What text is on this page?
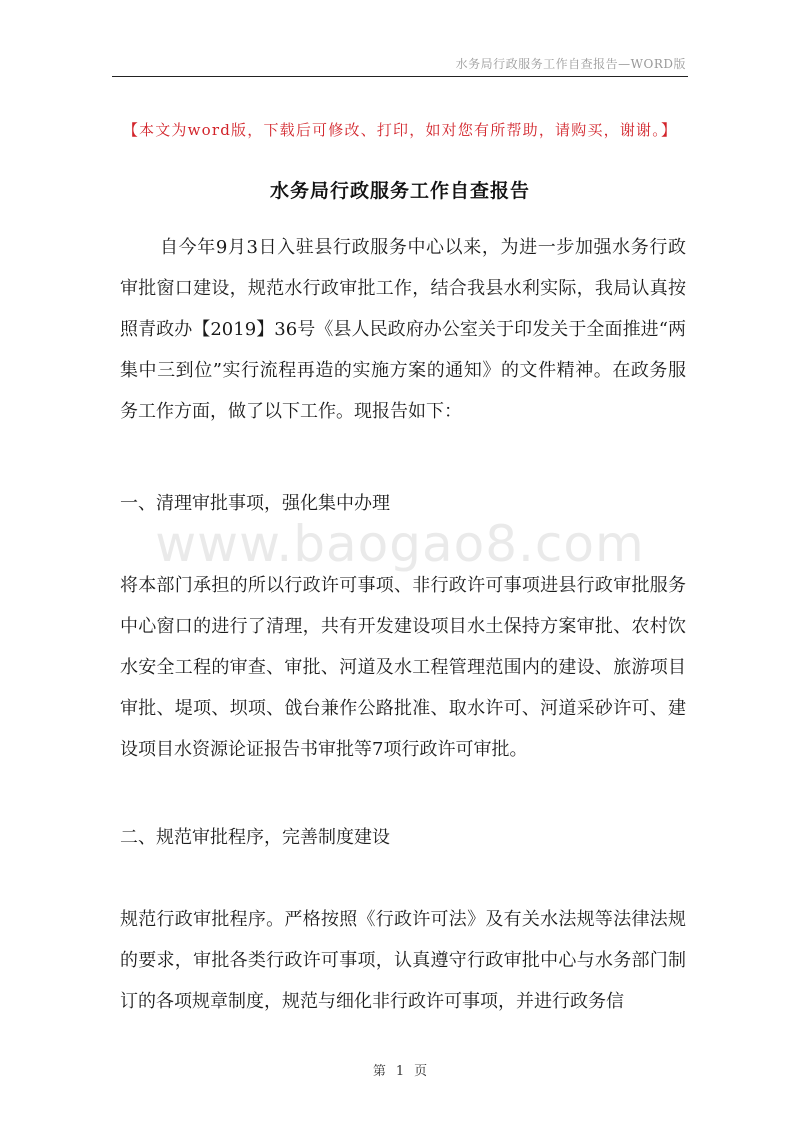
水务局行政服务工作自查报告—WORD版
【本文为word版，下载后可修改、打印，如对您有所帮助，请购买，谢谢。】
水务局行政服务工作自查报告

自今年9月3日入驻县行政服务中心以来，为进一步加强水务行政审批窗口建设，规范水行政审批工作，结合我县水利实际，我局认真按照青政办【2019】36号《县人民政府办公室关于印发关于全面推进“两集中三到位”实行流程再造的实施方案的通知》的文件精神。在政务服务工作方面，做了以下工作。现报告如下：

一、清理审批事项，强化集中办理

www.baogao8.com

将本部门承担的所以行政许可事项、非行政许可事项进县行政审批服务中心窗口的进行了清理，共有开发建设项目水土保持方案审批、农村饮水安全工程的审查、审批、河道及水工程管理范围内的建设、旅游项目审批、堤项、坝项、戗台兼作公路批准、取水许可、河道采砂许可、建设项目水资源论证报告书审批等7项行政许可审批。

二、规范审批程序，完善制度建设

规范行政审批程序。严格按照《行政许可法》及有关水法规等法律法规的要求，审批各类行政许可事项，认真遵守行政审批中心与水务部门制订的各项规章制度，规范与细化非行政许可事项，并进行政务信

第 1 页
